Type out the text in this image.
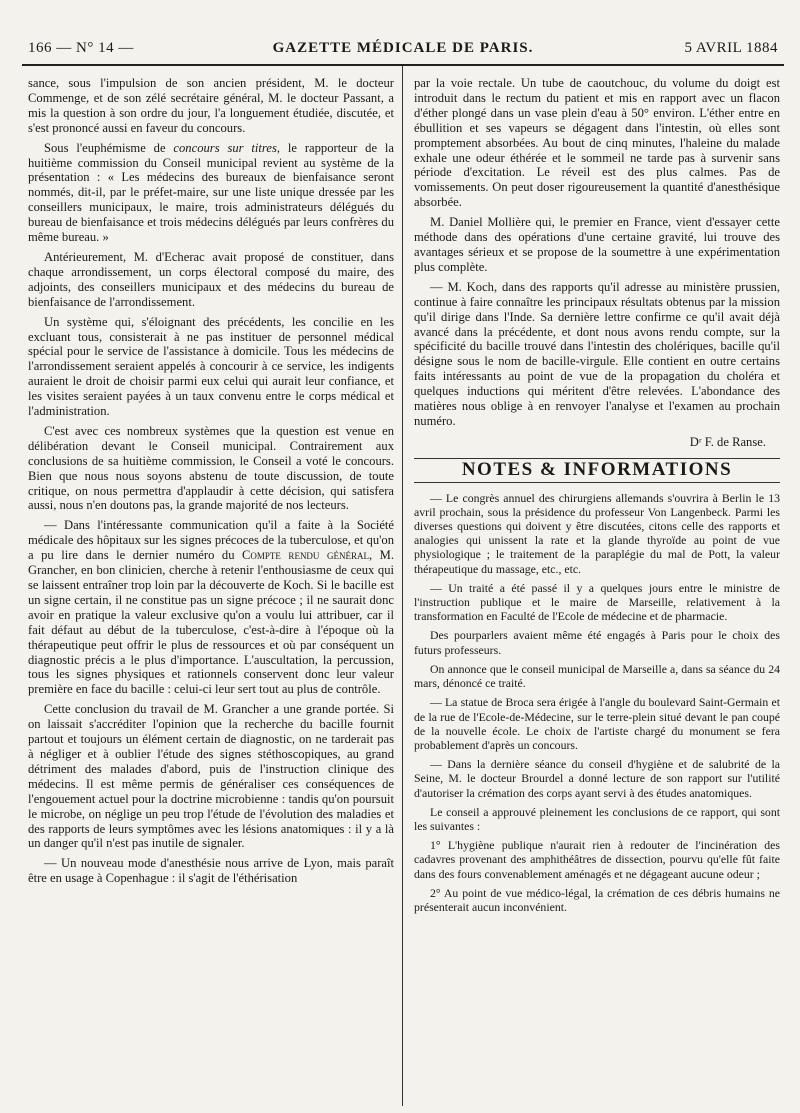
166 — N° 14 —	GAZETTE MÉDICALE DE PARIS.	5 AVRIL 1884

sance, sous l'impulsion de son ancien président, M. le docteur Commenge, et de son zélé secrétaire général, M. le docteur Passant, a mis la question à son ordre du jour, l'a longuement étudiée, discutée, et s'est prononcé aussi en faveur du concours.

Sous l'euphémisme de concours sur titres, le rapporteur de la huitième commission du Conseil municipal revient au système de la présentation : « Les médecins des bureaux de bienfaisance seront nommés, dit-il, par le préfet-maire, sur une liste unique dressée par les conseillers municipaux, le maire, trois administrateurs délégués du bureau de bienfaisance et trois médecins délégués par leurs confrères du même bureau. »

Antérieurement, M. d'Echerac avait proposé de constituer, dans chaque arrondissement, un corps électoral composé du maire, des adjoints, des conseillers municipaux et des médecins du bureau de bienfaisance de l'arrondissement.

Un système qui, s'éloignant des précédents, les concilie en les excluant tous, consisterait à ne pas instituer de personnel médical spécial pour le service de l'assistance à domicile. Tous les médecins de l'arrondissement seraient appelés à concourir à ce service, les indigents auraient le droit de choisir parmi eux celui qui aurait leur confiance, et les visites seraient payées à un taux convenu entre le corps médical et l'administration.

C'est avec ces nombreux systèmes que la question est venue en délibération devant le Conseil municipal. Contrairement aux conclusions de sa huitième commission, le Conseil a voté le concours. Bien que nous nous soyons abstenu de toute discussion, de toute critique, on nous permettra d'applaudir à cette décision, qui satisfera aussi, nous n'en doutons pas, la grande majorité de nos lecteurs.

— Dans l'intéressante communication qu'il a faite à la Société médicale des hôpitaux sur les signes précoces de la tuberculose, et qu'on a pu lire dans le dernier numéro du Compte rendu général, M. Grancher, en bon clinicien, cherche à retenir l'enthousiasme de ceux qui se laissent entraîner trop loin par la découverte de Koch. Si le bacille est un signe certain, il ne constitue pas un signe précoce ; il ne saurait donc avoir en pratique la valeur exclusive qu'on a voulu lui attribuer, car il fait défaut au début de la tuberculose, c'est-à-dire à l'époque où la thérapeutique peut offrir le plus de ressources et où par conséquent un diagnostic précis a le plus d'importance. L'auscultation, la percussion, tous les signes physiques et rationnels conservent donc leur valeur première en face du bacille : celui-ci leur sert tout au plus de contrôle.

Cette conclusion du travail de M. Grancher a une grande portée. Si on laissait s'accréditer l'opinion que la recherche du bacille fournit partout et toujours un élément certain de diagnostic, on ne tarderait pas à négliger et à oublier l'étude des signes stéthoscopiques, au grand détriment des malades d'abord, puis de l'instruction clinique des médecins. Il est même permis de généraliser ces conséquences de l'engouement actuel pour la doctrine microbienne : tandis qu'on poursuit le microbe, on néglige un peu trop l'étude de l'évolution des maladies et des rapports de leurs symptômes avec les lésions anatomiques : il y a là un danger qu'il n'est pas inutile de signaler.

— Un nouveau mode d'anesthésie nous arrive de Lyon, mais paraît être en usage à Copenhague : il s'agit de l'éthérisation

par la voie rectale. Un tube de caoutchouc, du volume du doigt est introduit dans le rectum du patient et mis en rapport avec un flacon d'éther plongé dans un vase plein d'eau à 50° environ. L'éther entre en ébullition et ses vapeurs se dégagent dans l'intestin, où elles sont promptement absorbées. Au bout de cinq minutes, l'haleine du malade exhale une odeur éthérée et le sommeil ne tarde pas à survenir sans période d'excitation. Le réveil est des plus calmes. Pas de vomissements. On peut doser rigoureusement la quantité d'anesthésique absorbée.

M. Daniel Mollière qui, le premier en France, vient d'essayer cette méthode dans des opérations d'une certaine gravité, lui trouve des avantages sérieux et se propose de la soumettre à une expérimentation plus complète.

— M. Koch, dans des rapports qu'il adresse au ministère prussien, continue à faire connaître les principaux résultats obtenus par la mission qu'il dirige dans l'Inde. Sa dernière lettre confirme ce qu'il avait déjà avancé dans la précédente, et dont nous avons rendu compte, sur la spécificité du bacille trouvé dans l'intestin des cholériques, bacille qu'il désigne sous le nom de bacille-virgule. Elle contient en outre certains faits intéressants au point de vue de la propagation du choléra et quelques inductions qui méritent d'être relevées. L'abondance des matières nous oblige à en renvoyer l'analyse et l'examen au prochain numéro.

Dʳ F. de Ranse.
NOTES & INFORMATIONS

— Le congrès annuel des chirurgiens allemands s'ouvrira à Berlin le 13 avril prochain, sous la présidence du professeur Von Langenbeck. Parmi les diverses questions qui doivent y être discutées, citons celle des rapports et analogies qui unissent la rate et la glande thyroïde au point de vue physiologique ; le traitement de la paraplégie du mal de Pott, la valeur thérapeutique du massage, etc., etc.

— Un traité a été passé il y a quelques jours entre le ministre de l'instruction publique et le maire de Marseille, relativement à la transformation en Faculté de l'Ecole de médecine et de pharmacie.

Des pourparlers avaient même été engagés à Paris pour le choix des futurs professeurs.

On annonce que le conseil municipal de Marseille a, dans sa séance du 24 mars, dénoncé ce traité.

— La statue de Broca sera érigée à l'angle du boulevard Saint-Germain et de la rue de l'Ecole-de-Médecine, sur le terre-plein situé devant le pan coupé de la nouvelle école. Le choix de l'artiste chargé du monument se fera probablement d'après un concours.

— Dans la dernière séance du conseil d'hygiène et de salubrité de la Seine, M. le docteur Brourdel a donné lecture de son rapport sur l'utilité d'autoriser la crémation des corps ayant servi à des études anatomiques.

Le conseil a approuvé pleinement les conclusions de ce rapport, qui sont les suivantes :

1° L'hygiène publique n'aurait rien à redouter de l'incinération des cadavres provenant des amphithéâtres de dissection, pourvu qu'elle fût faite dans des fours convenablement aménagés et ne dégageant aucune odeur ;

2° Au point de vue médico-légal, la crémation de ces débris humains ne présenterait aucun inconvénient.
